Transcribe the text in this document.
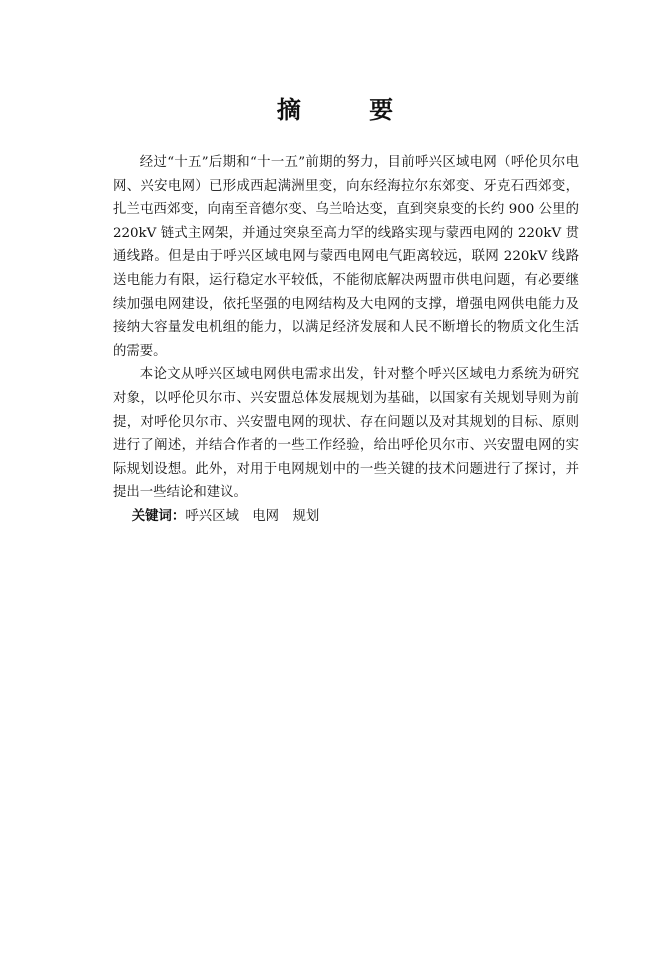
摘 要

经过“十五”后期和“十一五”前期的努力，目前呼兴区域电网（呼伦贝尔电网、兴安电网）已形成西起满洲里变，向东经海拉尔东郊变、牙克石西郊变，扎兰屯西郊变，向南至音德尔变、乌兰哈达变，直到突泉变的长约 900 公里的 220kV 链式主网架，并通过突泉至高力罕的线路实现与蒙西电网的 220kV 贯通线路。但是由于呼兴区域电网与蒙西电网电气距离较远，联网 220kV 线路送电能力有限，运行稳定水平较低，不能彻底解决两盟市供电问题，有必要继续加强电网建设，依托坚强的电网结构及大电网的支撑，增强电网供电能力及接纳大容量发电机组的能力，以满足经济发展和人民不断增长的物质文化生活的需要。

本论文从呼兴区域电网供电需求出发，针对整个呼兴区域电力系统为研究对象，以呼伦贝尔市、兴安盟总体发展规划为基础，以国家有关规划导则为前提，对呼伦贝尔市、兴安盟电网的现状、存在问题以及对其规划的目标、原则进行了阐述，并结合作者的一些工作经验，给出呼伦贝尔市、兴安盟电网的实际规划设想。此外，对用于电网规划中的一些关键的技术问题进行了探讨，并提出一些结论和建议。

关键词：呼兴区域 电网 规划
